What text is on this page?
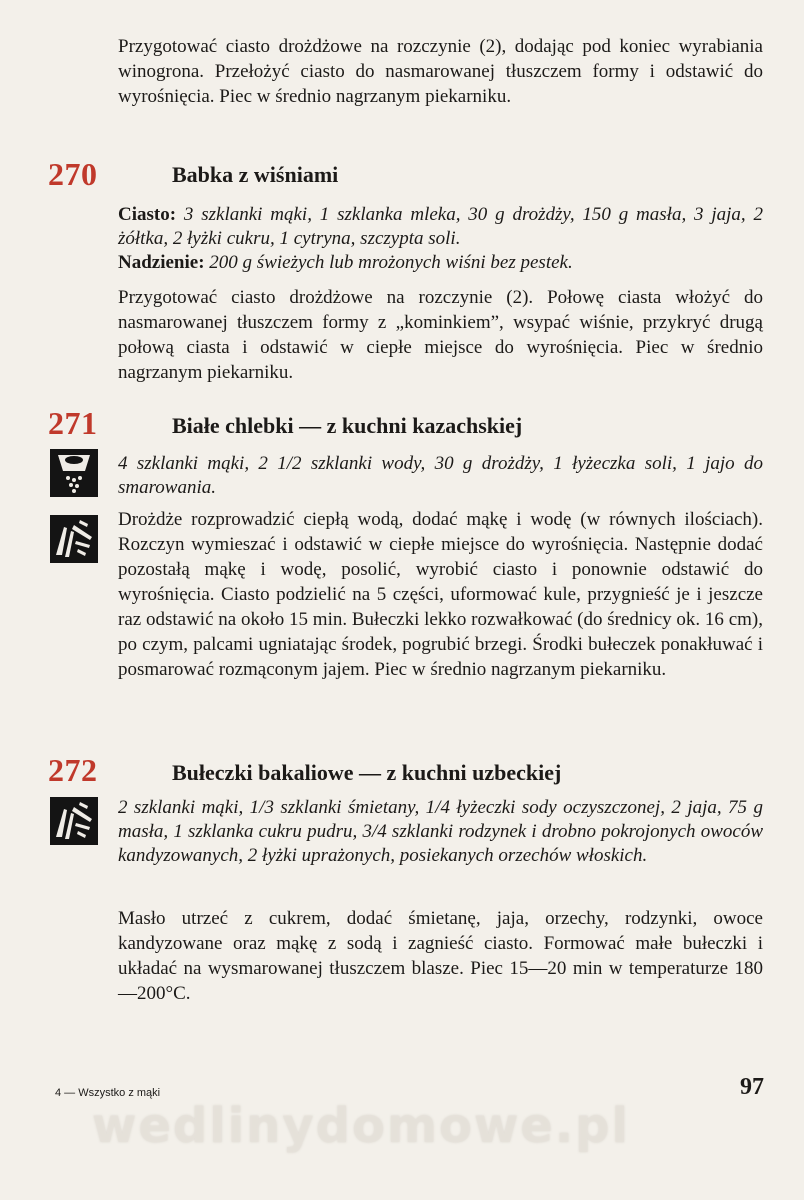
Przygotować ciasto drożdżowe na rozczynie (2), dodając pod koniec wyrabiania winogrona. Przełożyć ciasto do nasmarowanej tłuszczem formy i odstawić do wyrośnięcia. Piec w średnio nagrzanym piekarniku.

270	Babka z wiśniami

Ciasto: 3 szklanki mąki, 1 szklanka mleka, 30 g drożdży, 150 g masła, 3 jaja, 2 żółtka, 2 łyżki cukru, 1 cytryna, szczypta soli.

Nadzienie: 200 g świeżych lub mrożonych wiśni bez pestek.

Przygotować ciasto drożdżowe na rozczynie (2). Połowę ciasta włożyć do nasmarowanej tłuszczem formy z „kominkiem”, wsypać wiśnie, przykryć drugą połową ciasta i odstawić w ciepłe miejsce do wyrośnięcia. Piec w średnio nagrzanym piekarniku.

271	Białe chlebki — z kuchni kazachskiej

4 szklanki mąki, 2 1/2 szklanki wody, 30 g drożdży, 1 łyżeczka soli, 1 jajo do smarowania.

Drożdże rozprowadzić ciepłą wodą, dodać mąkę i wodę (w równych ilościach). Rozczyn wymieszać i odstawić w ciepłe miejsce do wyrośnięcia. Następnie dodać pozostałą mąkę i wodę, posolić, wyrobić ciasto i ponownie odstawić do wyrośnięcia. Ciasto podzielić na 5 części, uformować kule, przygnieść je i jeszcze raz odstawić na około 15 min. Bułeczki lekko rozwałkować (do średnicy ok. 16 cm), po czym, palcami ugniatając środek, pogrubić brzegi. Środki bułeczek ponakłuwać i posmarować rozmąconym jajem. Piec w średnio nagrzanym piekarniku.

272	Bułeczki bakaliowe — z kuchni uzbeckiej

2 szklanki mąki, 1/3 szklanki śmietany, 1/4 łyżeczki sody oczyszczonej, 2 jaja, 75 g masła, 1 szklanka cukru pudru, 3/4 szklanki rodzynek i drobno pokrojonych owoców kandyzowanych, 2 łyżki uprażonych, posiekanych orzechów włoskich.

Masło utrzeć z cukrem, dodać śmietanę, jaja, orzechy, rodzynki, owoce kandyzowane oraz mąkę z sodą i zagnieść ciasto. Formować małe bułeczki i układać na wysmarowanej tłuszczem blasze. Piec 15—20 min w temperaturze 180—200°C.

4 — Wszystko z mąki	97
wedlinydomowe.pl
